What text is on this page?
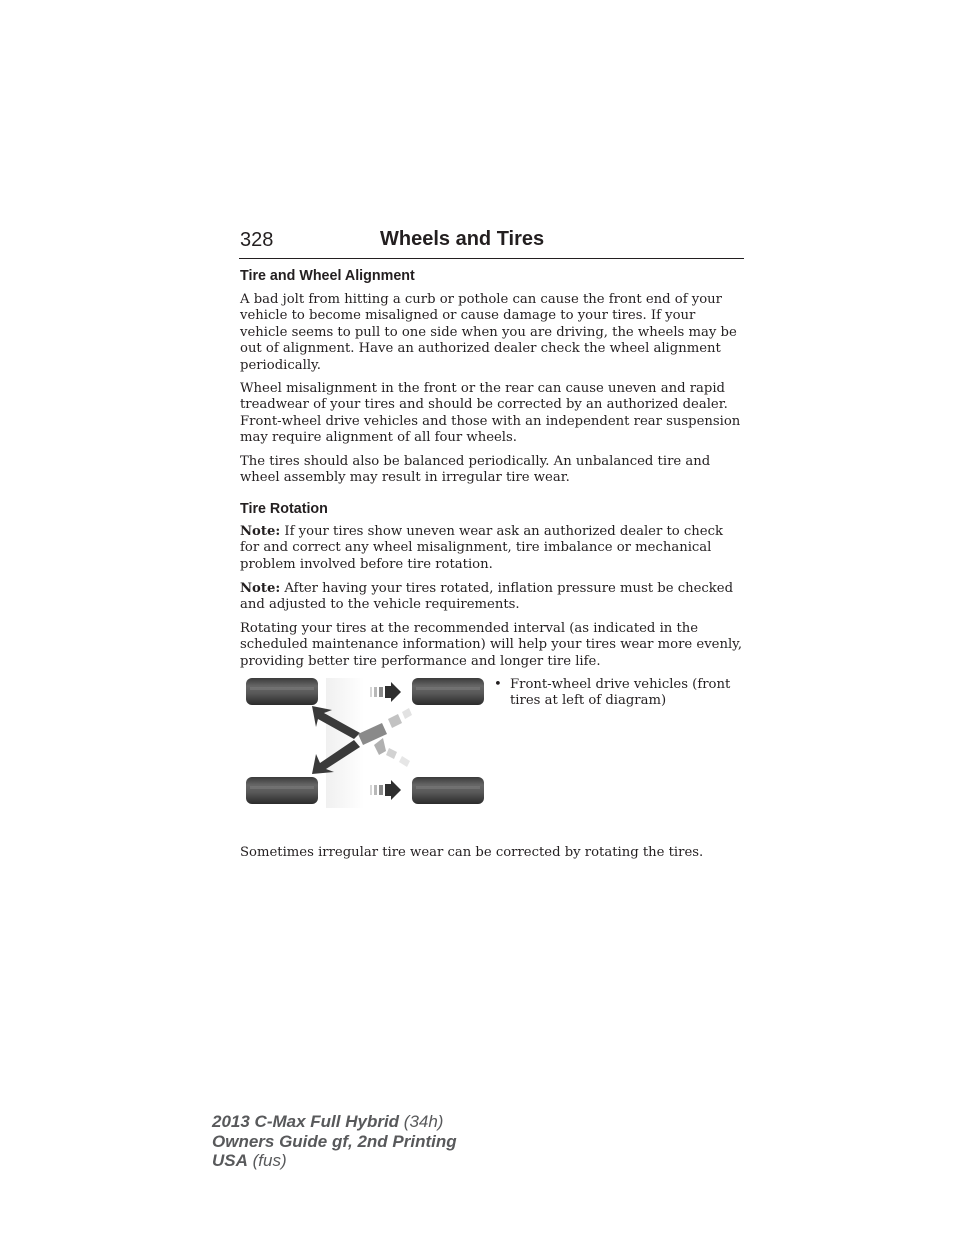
328	Wheels and Tires
Tire and Wheel Alignment

A bad jolt from hitting a curb or pothole can cause the front end of your vehicle to become misaligned or cause damage to your tires. If your vehicle seems to pull to one side when you are driving, the wheels may be out of alignment. Have an authorized dealer check the wheel alignment periodically.

Wheel misalignment in the front or the rear can cause uneven and rapid treadwear of your tires and should be corrected by an authorized dealer. Front-wheel drive vehicles and those with an independent rear suspension may require alignment of all four wheels.

The tires should also be balanced periodically. An unbalanced tire and wheel assembly may result in irregular tire wear.

Tire Rotation

Note: If your tires show uneven wear ask an authorized dealer to check for and correct any wheel misalignment, tire imbalance or mechanical problem involved before tire rotation.

Note: After having your tires rotated, inflation pressure must be checked and adjusted to the vehicle requirements.

Rotating your tires at the recommended interval (as indicated in the scheduled maintenance information) will help your tires wear more evenly, providing better tire performance and longer tire life.

• Front-wheel drive vehicles (front tires at left of diagram)

Sometimes irregular tire wear can be corrected by rotating the tires.

2013 C-Max Full Hybrid (34h)
Owners Guide gf, 2nd Printing
USA (fus)
